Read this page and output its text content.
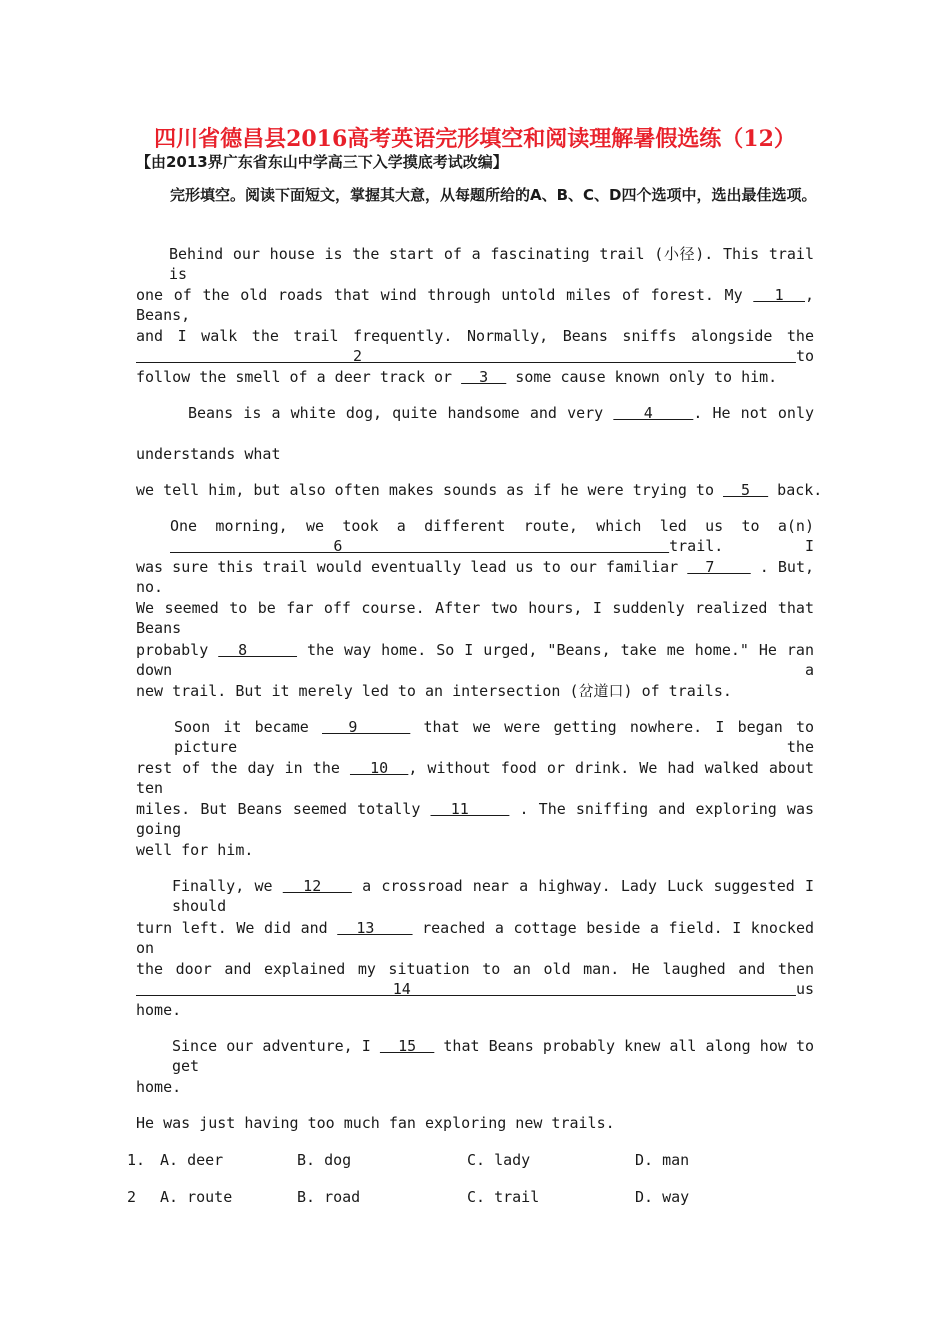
四川省德昌县2016高考英语完形填空和阅读理解暑假选练（12）
【由2013界广东省东山中学高三下入学摸底考试改编】
完形填空。阅读下面短文，掌握其大意，从每题所给的A、B、C、D四个选项中，选出最佳选项。
Behind our house is the start of a fascinating trail (小径). This trail is
one of the old roads that wind through untold miles of forest. My   1  , Beans,
and I walk the trail frequently. Normally, Beans sniffs alongside the  2    to
follow the smell of a deer track or   3   some cause known only to him.
Beans is a white dog, quite handsome and very    4    . He not only
understands what
we tell him, but also often makes sounds as if he were trying to   5   back.
One morning, we took a different route, which led us to a(n)   6    trail. I
was sure this trail would eventually lead us to our familiar   7     . But, no.
We seemed to be far off course. After two hours, I suddenly realized that Beans
probably   8      the way home. So I urged, "Beans, take me home." He ran down a
new trail. But it merely led to an intersection (岔道口) of trails.
Soon it became   9     that we were getting nowhere. I began to picture the
rest of the day in the   10  , without food or drink. We had walked about ten
miles. But Beans seemed totally   11     . The sniffing and exploring was going
well for him.
Finally, we   12    a crossroad near a highway. Lady Luck suggested I should
turn left. We did and   13     reached a cottage beside a field. I knocked on
the door and explained my situation to an old man. He laughed and then  14   us
home.
Since our adventure, I   15   that Beans probably knew all along how to get
home.
He was just having too much fan exploring new trails.
1. A. deer	B. dog	C. lady	D. man
2 A. route	B. road	C. trail	D. way
